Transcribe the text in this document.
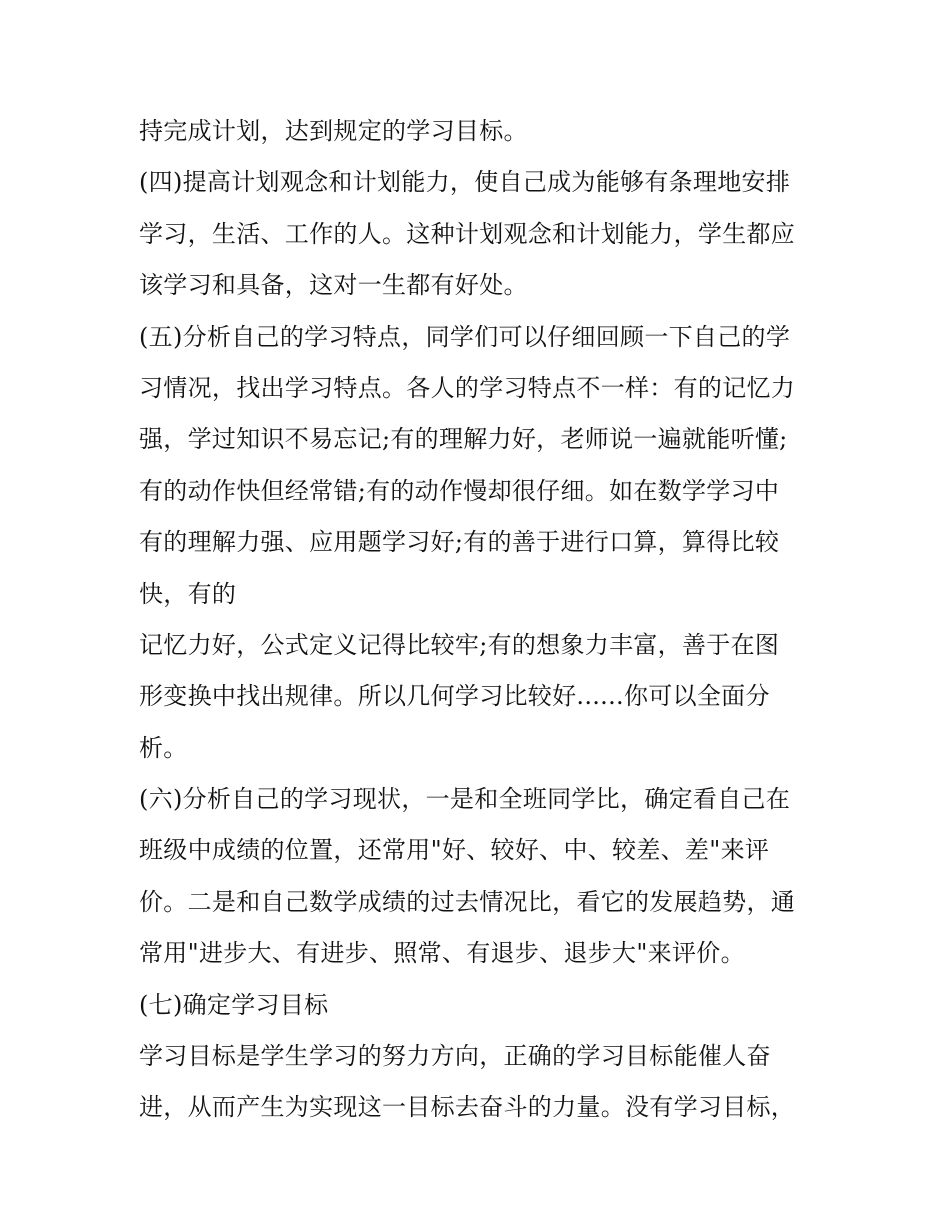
持完成计划，达到规定的学习目标。
(四)提高计划观念和计划能力，使自己成为能够有条理地安排
学习，生活、工作的人。这种计划观念和计划能力，学生都应
该学习和具备，这对一生都有好处。
(五)分析自己的学习特点，同学们可以仔细回顾一下自己的学
习情况，找出学习特点。各人的学习特点不一样：有的记忆力
强，学过知识不易忘记;有的理解力好，老师说一遍就能听懂;
有的动作快但经常错;有的动作慢却很仔细。如在数学学习中
有的理解力强、应用题学习好;有的善于进行口算，算得比较
快，有的
记忆力好，公式定义记得比较牢;有的想象力丰富，善于在图
形变换中找出规律。所以几何学习比较好......你可以全面分
析。
(六)分析自己的学习现状，一是和全班同学比，确定看自己在
班级中成绩的位置，还常用"好、较好、中、较差、差"来评
价。二是和自己数学成绩的过去情况比，看它的发展趋势，通
常用"进步大、有进步、照常、有退步、退步大"来评价。
(七)确定学习目标
学习目标是学生学习的努力方向，正确的学习目标能催人奋
进，从而产生为实现这一目标去奋斗的力量。没有学习目标，
